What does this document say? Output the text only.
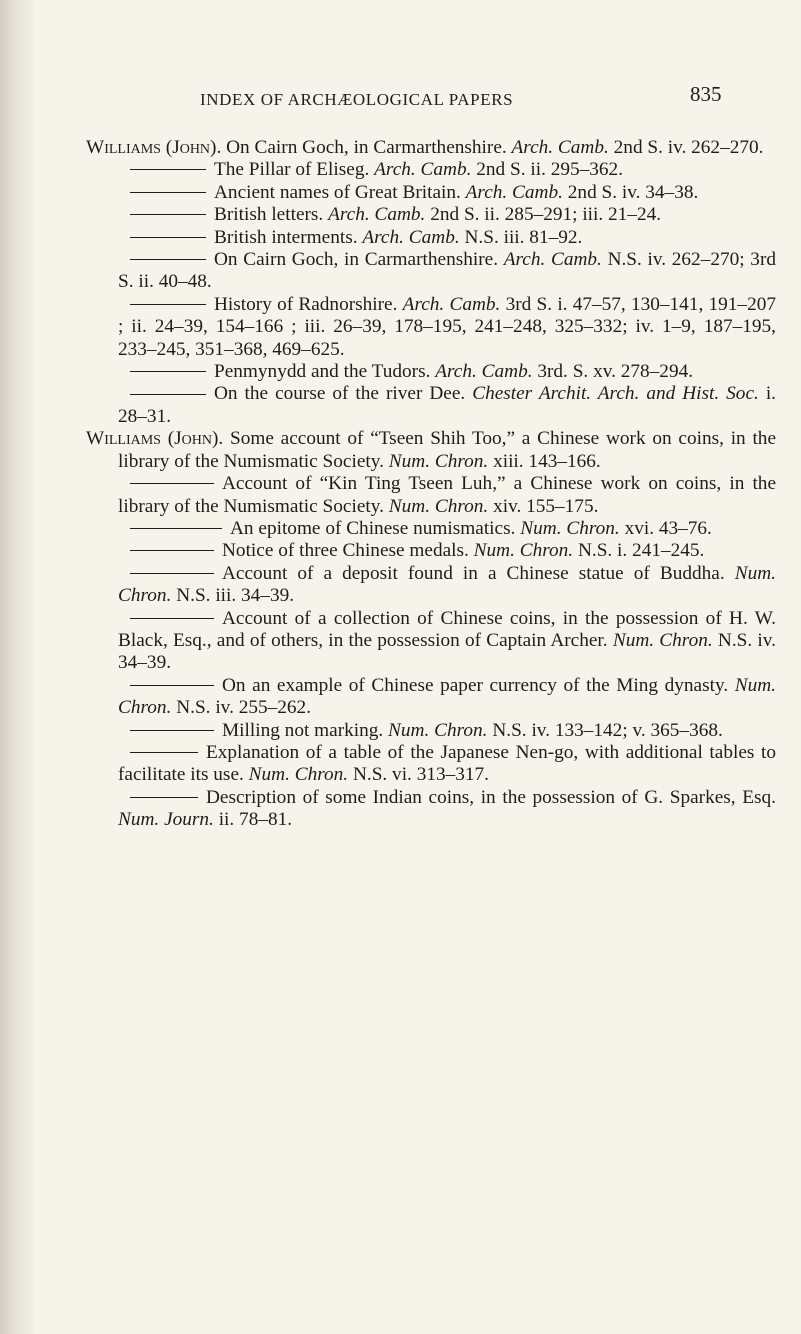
INDEX OF ARCHÆOLOGICAL PAPERS	835

Williams (John). On Cairn Goch, in Carmarthenshire. Arch. Camb. 2nd S. iv. 262–270.

The Pillar of Eliseg. Arch. Camb. 2nd S. ii. 295–362.

Ancient names of Great Britain. Arch. Camb. 2nd S. iv. 34–38.

British letters. Arch. Camb. 2nd S. ii. 285–291; iii. 21–24.

British interments. Arch. Camb. N.S. iii. 81–92.

On Cairn Goch, in Carmarthenshire. Arch. Camb. N.S. iv. 262–270; 3rd S. ii. 40–48.

History of Radnorshire. Arch. Camb. 3rd S. i. 47–57, 130–141, 191–207 ; ii. 24–39, 154–166 ; iii. 26–39, 178–195, 241–248, 325–332; iv. 1–9, 187–195, 233–245, 351–368, 469–625.

Penmynydd and the Tudors. Arch. Camb. 3rd. S. xv. 278–294.

On the course of the river Dee. Chester Archit. Arch. and Hist. Soc. i. 28–31.

Williams (John). Some account of “Tseen Shih Too,” a Chinese work on coins, in the library of the Numismatic Society. Num. Chron. xiii. 143–166.

Account of “Kin Ting Tseen Luh,” a Chinese work on coins, in the library of the Numismatic Society. Num. Chron. xiv. 155–175.

An epitome of Chinese numismatics. Num. Chron. xvi. 43–76.

Notice of three Chinese medals. Num. Chron. N.S. i. 241–245.

Account of a deposit found in a Chinese statue of Buddha. Num. Chron. N.S. iii. 34–39.

Account of a collection of Chinese coins, in the possession of H. W. Black, Esq., and of others, in the possession of Captain Archer. Num. Chron. N.S. iv. 34–39.

On an example of Chinese paper currency of the Ming dynasty. Num. Chron. N.S. iv. 255–262.

Milling not marking. Num. Chron. N.S. iv. 133–142; v. 365–368.

Explanation of a table of the Japanese Nen-go, with additional tables to facilitate its use. Num. Chron. N.S. vi. 313–317.

Description of some Indian coins, in the possession of G. Sparkes, Esq. Num. Journ. ii. 78–81.
